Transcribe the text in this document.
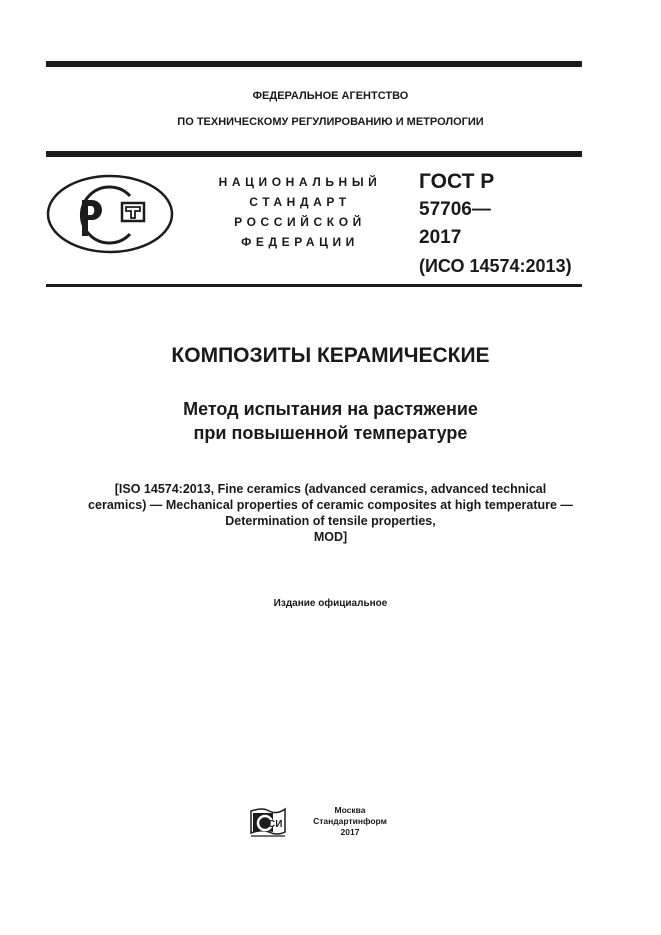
ФЕДЕРАЛЬНОЕ АГЕНТСТВО
ПО ТЕХНИЧЕСКОМУ РЕГУЛИРОВАНИЮ И МЕТРОЛОГИИ
НАЦИОНАЛЬНЫЙ
СТАНДАРТ
РОССИЙСКОЙ
ФЕДЕРАЦИИ
ГОСТ Р
57706—
2017
(ИСО 14574:2013)
КОМПОЗИТЫ КЕРАМИЧЕСКИЕ
Метод испытания на растяжение
при повышенной температуре
[ISO 14574:2013, Fine ceramics (advanced ceramics, advanced technical
ceramics) — Mechanical properties of ceramic composites at high temperature —
Determination of tensile properties,
MOD]
Издание официальное
СИ
Москва
Стандартинформ
2017
